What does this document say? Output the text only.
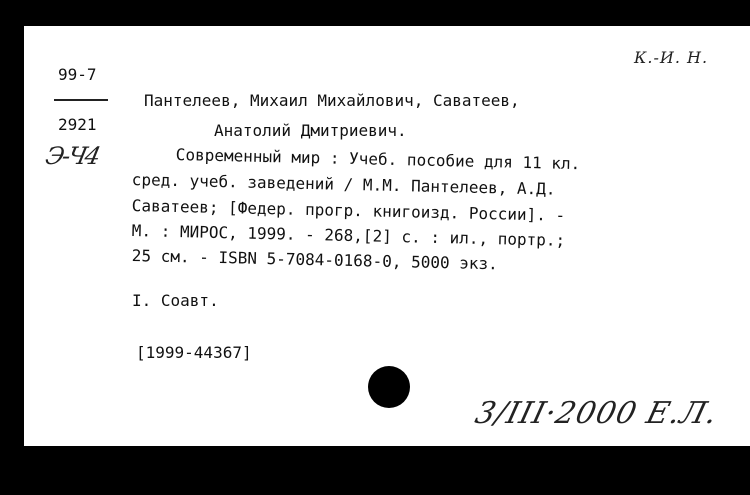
99-7
2921
Э-Ч4
К.-И. Н.
Пантелеев, Михаил Михайлович, Саватеев,
Анатолий Дмитриевич.
Современный мир : Учеб. пособие для 11 кл.
сред. учеб. заведений / М.М. Пантелеев, А.Д.
Саватеев; [Федер. прогр. книгоизд. России]. -
М. : МИРОС, 1999. - 268,[2] с. : ил., портр.;
25 см. - ISBN 5-7084-0168-0, 5000 экз.
I. Соавт.
[1999-44367]
3/III·2000 Е.Л.
